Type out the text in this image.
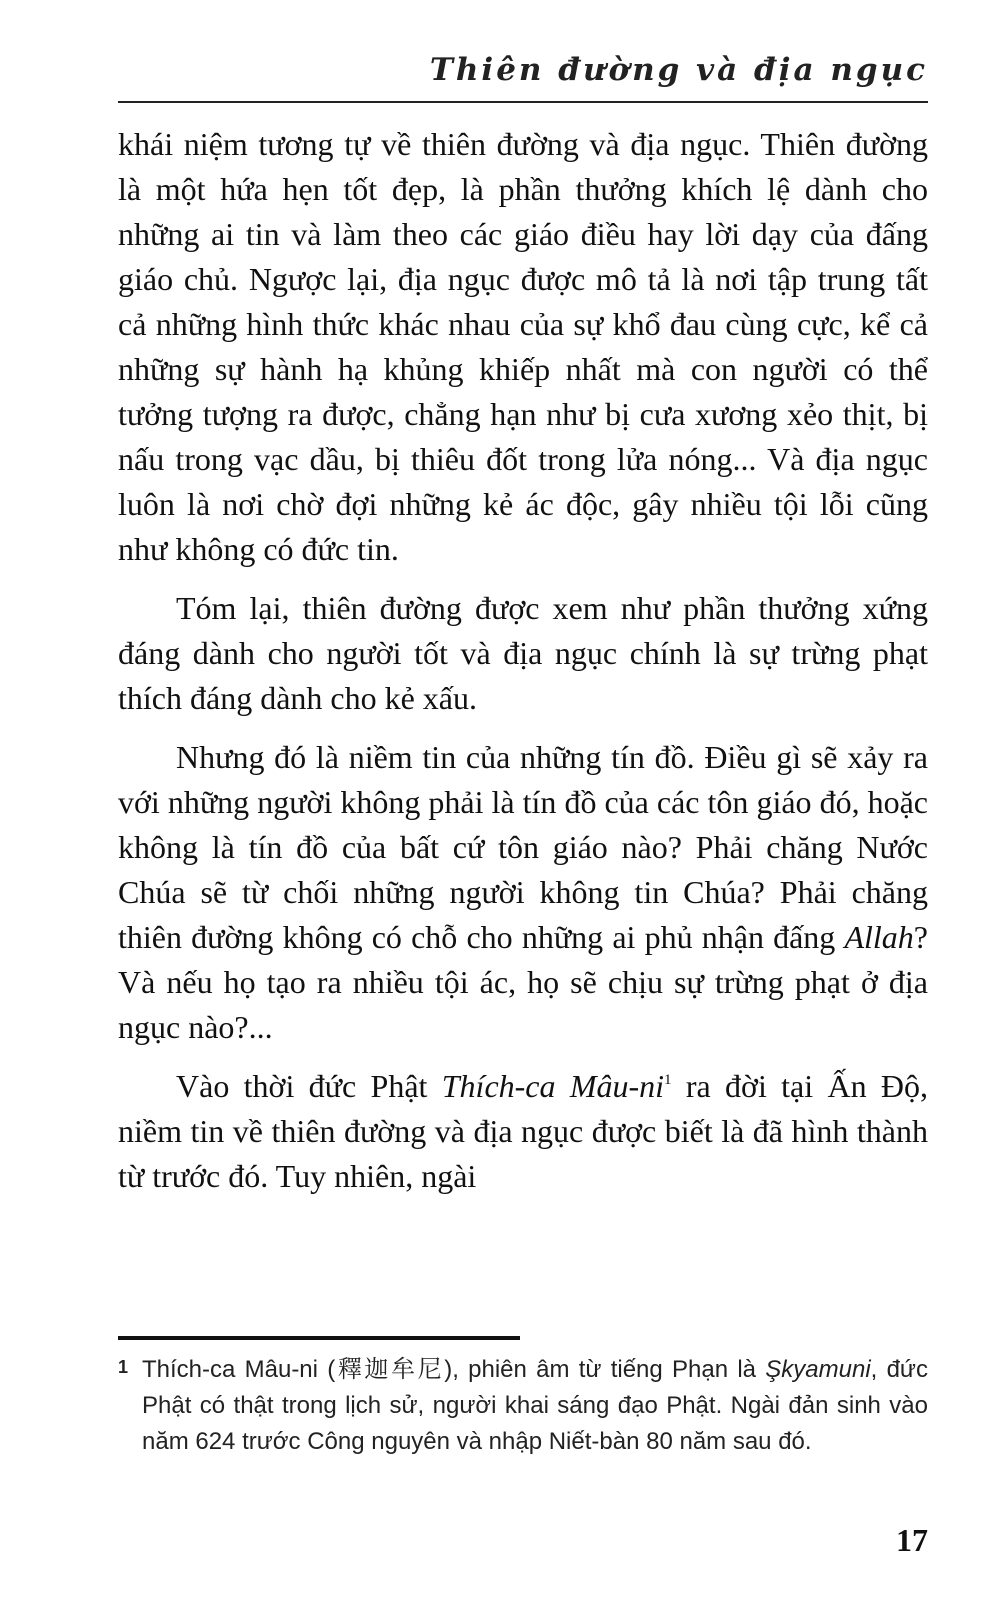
Thiên đường và địa ngục

khái niệm tương tự về thiên đường và địa ngục. Thiên đường là một hứa hẹn tốt đẹp, là phần thưởng khích lệ dành cho những ai tin và làm theo các giáo điều hay lời dạy của đấng giáo chủ. Ngược lại, địa ngục được mô tả là nơi tập trung tất cả những hình thức khác nhau của sự khổ đau cùng cực, kể cả những sự hành hạ khủng khiếp nhất mà con người có thể tưởng tượng ra được, chẳng hạn như bị cưa xương xẻo thịt, bị nấu trong vạc dầu, bị thiêu đốt trong lửa nóng... Và địa ngục luôn là nơi chờ đợi những kẻ ác độc, gây nhiều tội lỗi cũng như không có đức tin.

Tóm lại, thiên đường được xem như phần thưởng xứng đáng dành cho người tốt và địa ngục chính là sự trừng phạt thích đáng dành cho kẻ xấu.

Nhưng đó là niềm tin của những tín đồ. Điều gì sẽ xảy ra với những người không phải là tín đồ của các tôn giáo đó, hoặc không là tín đồ của bất cứ tôn giáo nào? Phải chăng Nước Chúa sẽ từ chối những người không tin Chúa? Phải chăng thiên đường không có chỗ cho những ai phủ nhận đấng Allah? Và nếu họ tạo ra nhiều tội ác, họ sẽ chịu sự trừng phạt ở địa ngục nào?...

Vào thời đức Phật Thích-ca Mâu-$ni^1$ ra đời tại Ấn Độ, niềm tin về thiên đường và địa ngục được biết là đã hình thành từ trước đó. Tuy nhiên, ngài

1 Thích-ca Mâu-ni (釋迦牟尼), phiên âm từ tiếng Phạn là Şkyamuni, đức Phật có thật trong lịch sử, người khai sáng đạo Phật. Ngài đản sinh vào năm 624 trước Công nguyên và nhập Niết-bàn 80 năm sau đó.
17
